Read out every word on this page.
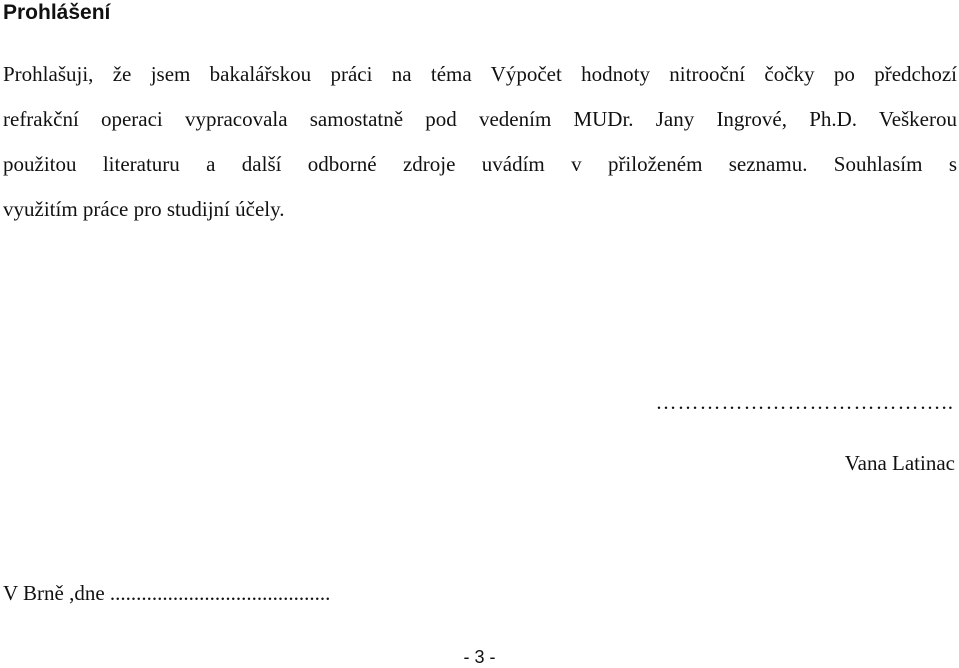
Prohlášení
Prohlašuji, že jsem bakalářskou práci na téma Výpočet hodnoty nitrooční čočky po předchozí
refrakční operaci vypracovala samostatně pod vedením MUDr. Jany Ingrové, Ph.D. Veškerou
použitou literaturu a další odborné zdroje uvádím v přiloženém seznamu. Souhlasím s
využitím práce pro studijní účely.
…………………………………..
Vana Latinac
V Brně ,dne ..........................................
- 3 -
